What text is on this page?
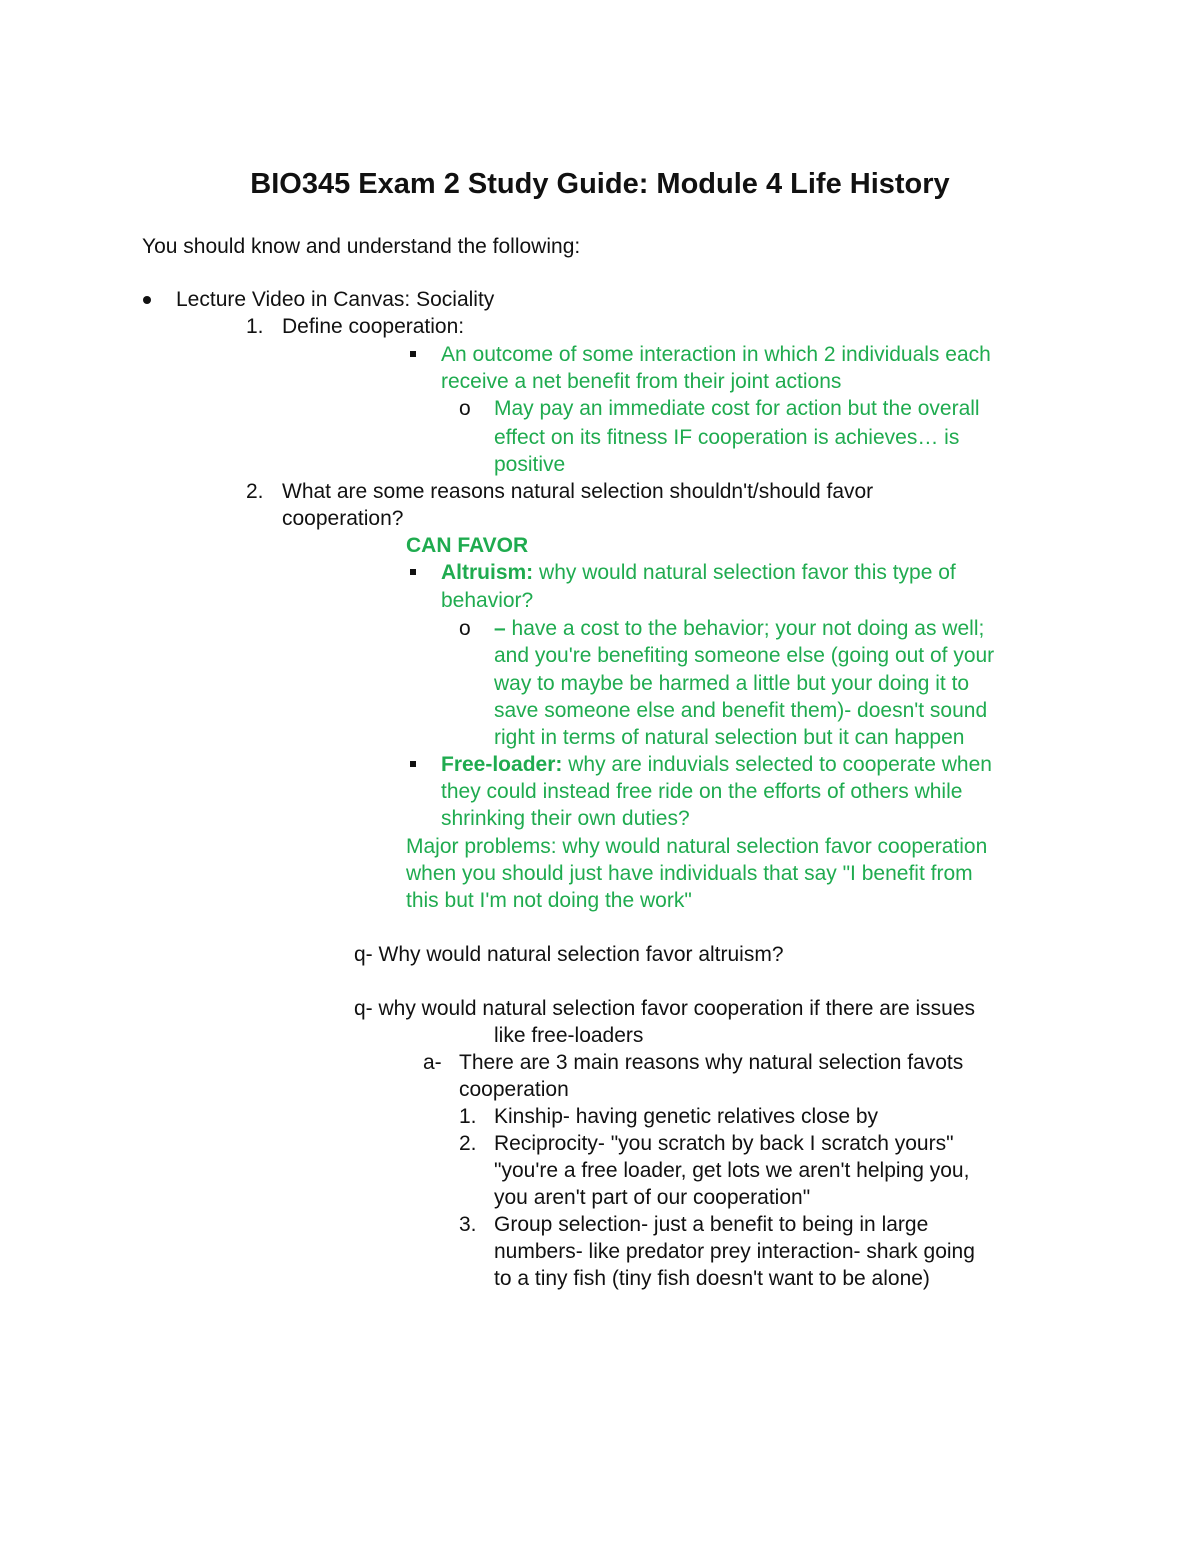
BIO345 Exam 2 Study Guide: Module 4 Life History
You should know and understand the following:
Lecture Video in Canvas: Sociality
1. Define cooperation:
An outcome of some interaction in which 2 individuals each
receive a net benefit from their joint actions
o May pay an immediate cost for action but the overall
effect on its fitness IF cooperation is achieves… is
positive
2. What are some reasons natural selection shouldn't/should favor
cooperation?
CAN FAVOR
Altruism: why would natural selection favor this type of
behavior?
o – have a cost to the behavior; your not doing as well;
and you're benefiting someone else (going out of your
way to maybe be harmed a little but your doing it to
save someone else and benefit them)- doesn't sound
right in terms of natural selection but it can happen
Free-loader: why are induvials selected to cooperate when
they could instead free ride on the efforts of others while
shrinking their own duties?
Major problems: why would natural selection favor cooperation
when you should just have individuals that say "I benefit from
this but I'm not doing the work"
q- Why would natural selection favor altruism?
q- why would natural selection favor cooperation if there are issues
like free-loaders
a- There are 3 main reasons why natural selection favots
cooperation
1. Kinship- having genetic relatives close by
2. Reciprocity- "you scratch by back I scratch yours"
"you're a free loader, get lots we aren't helping you,
you aren't part of our cooperation"
3. Group selection- just a benefit to being in large
numbers- like predator prey interaction- shark going
to a tiny fish (tiny fish doesn't want to be alone)
